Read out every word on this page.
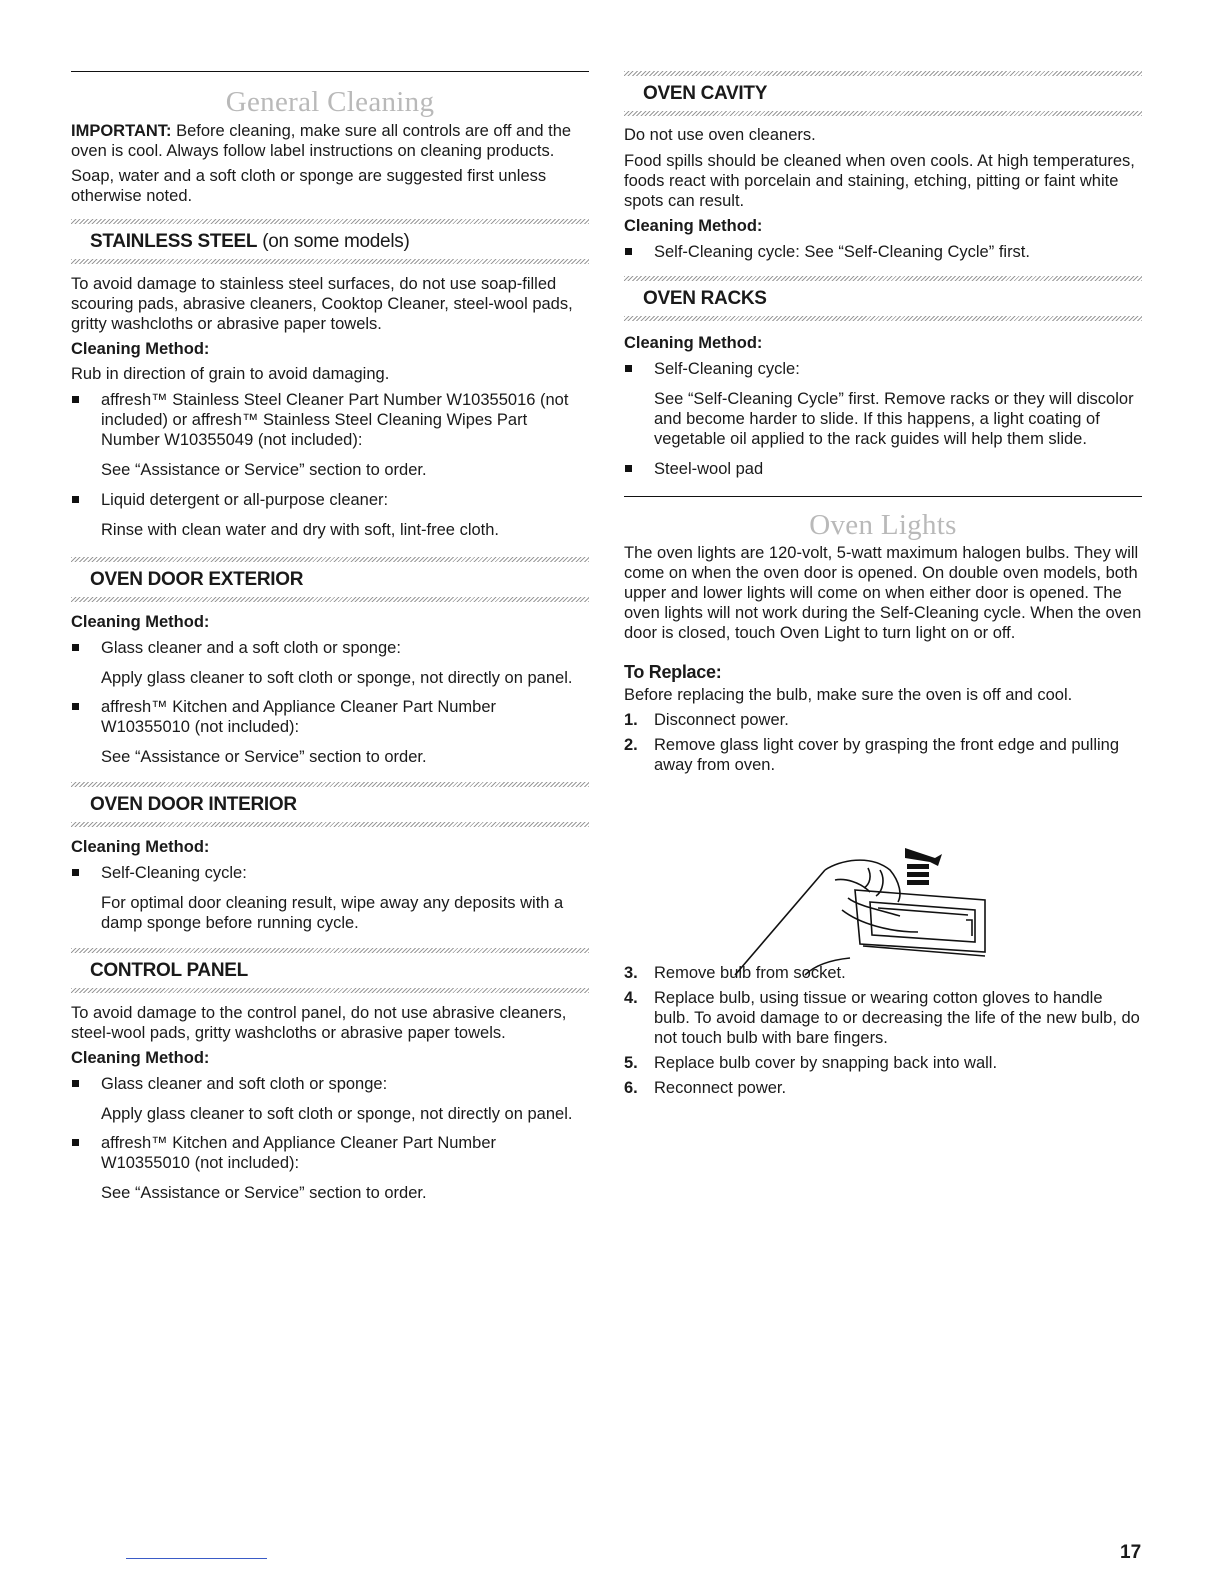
General Cleaning

IMPORTANT: Before cleaning, make sure all controls are off and the oven is cool. Always follow label instructions on cleaning products.

Soap, water and a soft cloth or sponge are suggested first unless otherwise noted.

STAINLESS STEEL (on some models)

To avoid damage to stainless steel surfaces, do not use soap-filled scouring pads, abrasive cleaners, Cooktop Cleaner, steel-wool pads, gritty washcloths or abrasive paper towels.

Cleaning Method:

Rub in direction of grain to avoid damaging.

affresh™ Stainless Steel Cleaner Part Number W10355016 (not included) or affresh™ Stainless Steel Cleaning Wipes Part Number W10355049 (not included):
See “Assistance or Service” section to order.
Liquid detergent or all-purpose cleaner:
Rinse with clean water and dry with soft, lint-free cloth.
OVEN DOOR EXTERIOR

Cleaning Method:

Glass cleaner and a soft cloth or sponge:
Apply glass cleaner to soft cloth or sponge, not directly on panel.
affresh™ Kitchen and Appliance Cleaner Part Number W10355010 (not included):
See “Assistance or Service” section to order.
OVEN DOOR INTERIOR

Cleaning Method:

Self-Cleaning cycle:
For optimal door cleaning result, wipe away any deposits with a damp sponge before running cycle.
CONTROL PANEL

To avoid damage to the control panel, do not use abrasive cleaners, steel-wool pads, gritty washcloths or abrasive paper towels.

Cleaning Method:

Glass cleaner and soft cloth or sponge:
Apply glass cleaner to soft cloth or sponge, not directly on panel.
affresh™ Kitchen and Appliance Cleaner Part Number W10355010 (not included):
See “Assistance or Service” section to order.
OVEN CAVITY

Do not use oven cleaners.

Food spills should be cleaned when oven cools. At high temperatures, foods react with porcelain and staining, etching, pitting or faint white spots can result.

Cleaning Method:

Self-Cleaning cycle: See “Self-Cleaning Cycle” first.
OVEN RACKS

Cleaning Method:

Self-Cleaning cycle:
See “Self-Cleaning Cycle” first. Remove racks or they will discolor and become harder to slide. If this happens, a light coating of vegetable oil applied to the rack guides will help them slide.
Steel-wool pad
Oven Lights

The oven lights are 120-volt, 5-watt maximum halogen bulbs. They will come on when the oven door is opened. On double oven models, both upper and lower lights will come on when either door is opened. The oven lights will not work during the Self-Cleaning cycle. When the oven door is closed, touch Oven Light to turn light on or off.

To Replace:

Before replacing the bulb, make sure the oven is off and cool.

1. Disconnect power.
2. Remove glass light cover by grasping the front edge and pulling away from oven.
3. Remove bulb from socket.
4. Replace bulb, using tissue or wearing cotton gloves to handle bulb. To avoid damage to or decreasing the life of the new bulb, do not touch bulb with bare fingers.
5. Replace bulb cover by snapping back into wall.
6. Reconnect power.
17
